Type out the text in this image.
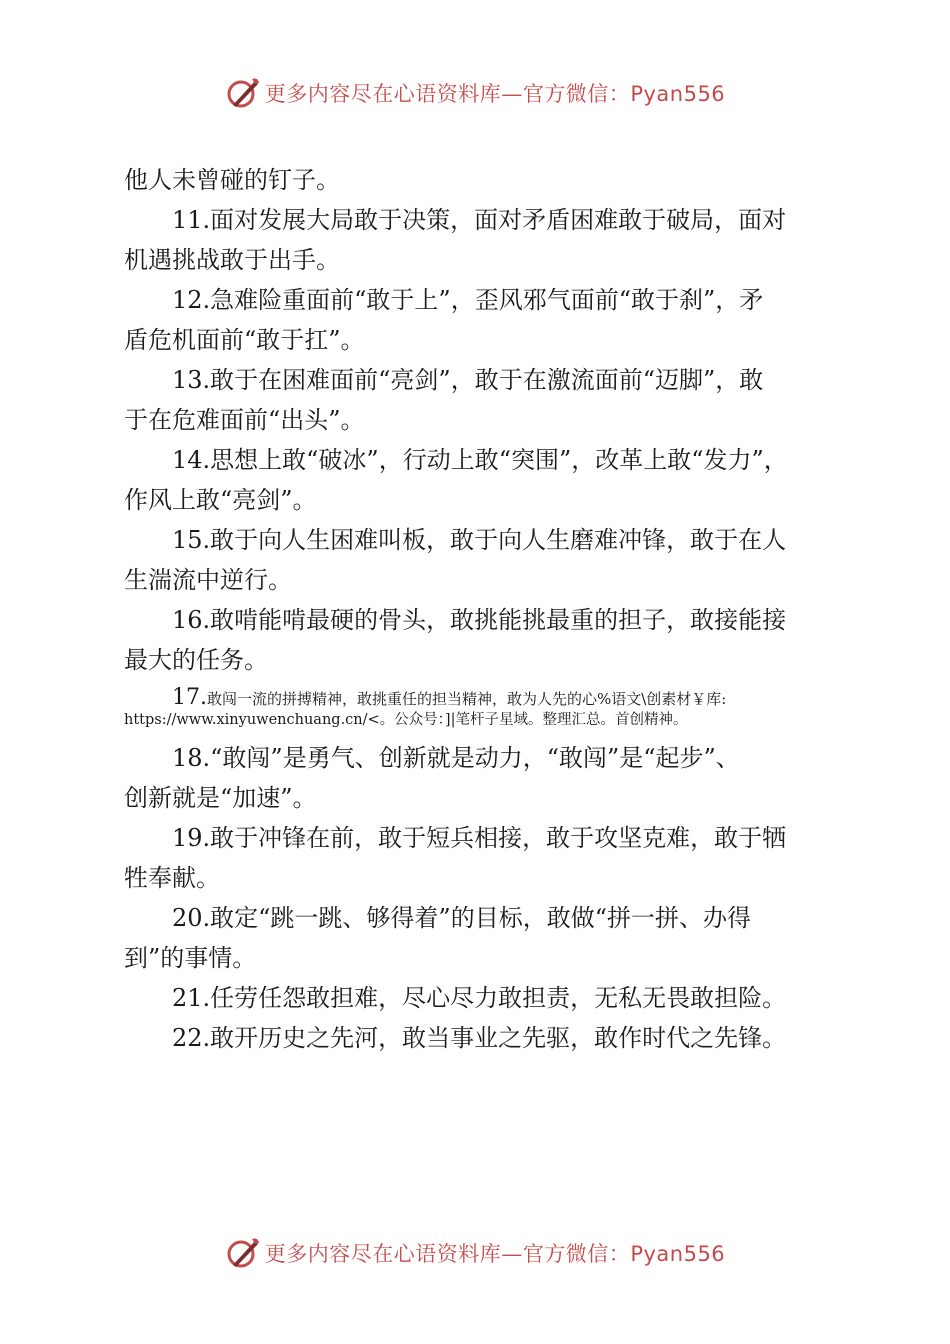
更多内容尽在心语资料库—官方微信：Pyan556
他人未曾碰的钉子。
11.面对发展大局敢于决策，面对矛盾困难敢于破局，面对
机遇挑战敢于出手。
12.急难险重面前“敢于上”，歪风邪气面前“敢于刹”，矛
盾危机面前“敢于扛”。
13.敢于在困难面前“亮剑”，敢于在激流面前“迈脚”，敢
于在危难面前“出头”。
14.思想上敢“破冰”，行动上敢“突围”，改革上敢“发力”，
作风上敢“亮剑”。
15.敢于向人生困难叫板，敢于向人生磨难冲锋，敢于在人
生湍流中逆行。
16.敢啃能啃最硬的骨头，敢挑能挑最重的担子，敢接能接
最大的任务。
17.敢闯一流的拼搏精神，敢挑重任的担当精神，敢为人先的心%语文\创素材￥库:
https://www.xinyuwenchuang.cn/<。公众号：]|笔杆子星域。整理汇总。首创精神。
18.“敢闯”是勇气、创新就是动力，“敢闯”是“起步”、
创新就是“加速”。
19.敢于冲锋在前，敢于短兵相接，敢于攻坚克难，敢于牺
牲奉献。
20.敢定“跳一跳、够得着”的目标，敢做“拼一拼、办得
到”的事情。
21.任劳任怨敢担难，尽心尽力敢担责，无私无畏敢担险。
22.敢开历史之先河，敢当事业之先驱，敢作时代之先锋。
更多内容尽在心语资料库—官方微信：Pyan556
